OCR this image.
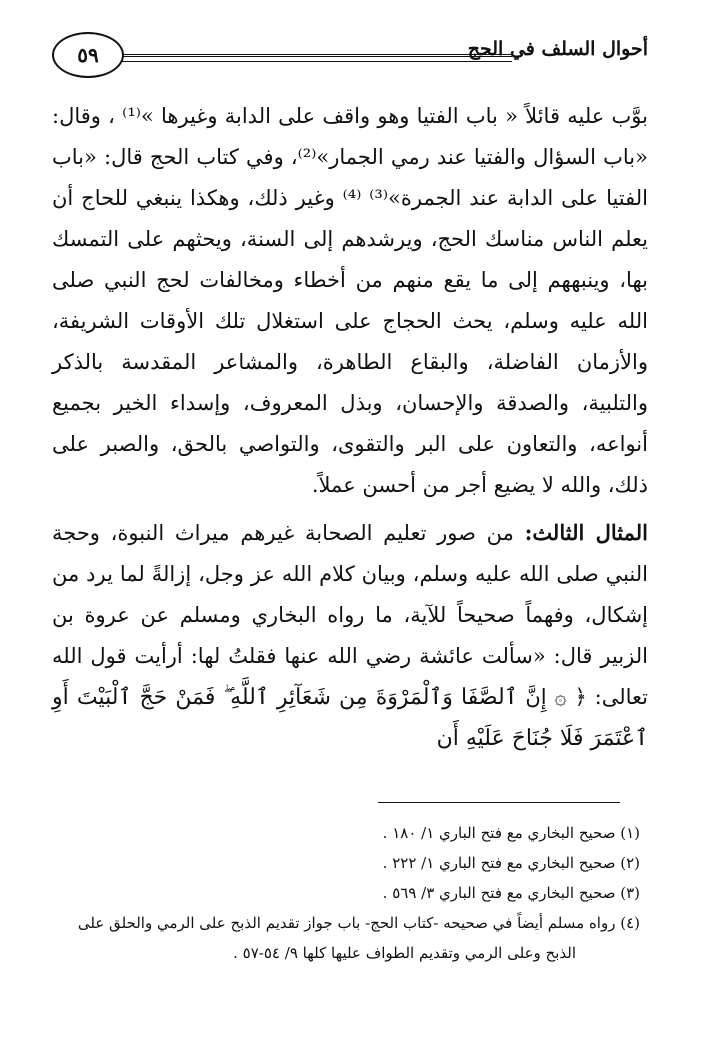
٥٩	أحوال السلف في الحج

بوَّب عليه قائلاً « باب الفتيا وهو واقف على الدابة وغيرها »⁽¹⁾ ، وقال: «باب السؤال والفتيا عند رمي الجمار»⁽²⁾، وفي كتاب الحج قال: «باب الفتيا على الدابة عند الجمرة»⁽³⁾ ⁽⁴⁾ وغير ذلك، وهكذا ينبغي للحاج أن يعلم الناس مناسك الحج، ويرشدهم إلى السنة، ويحثهم على التمسك بها، وينبههم إلى ما يقع منهم من أخطاء ومخالفات لحج النبي صلى الله عليه وسلم، يحث الحجاج على استغلال تلك الأوقات الشريفة، والأزمان الفاضلة، والبقاع الطاهرة، والمشاعر المقدسة بالذكر والتلبية، والصدقة والإحسان، وبذل المعروف، وإسداء الخير بجميع أنواعه، والتعاون على البر والتقوى، والتواصي بالحق، والصبر على ذلك، والله لا يضيع أجر من أحسن عملاً.

المثال الثالث: من صور تعليم الصحابة غيرهم ميراث النبوة، وحجة النبي صلى الله عليه وسلم، وبيان كلام الله عز وجل، إزالةً لما يرد من إشكال، وفهماً صحيحاً للآية، ما رواه البخاري ومسلم عن عروة بن الزبير قال: «سألت عائشة رضي الله عنها فقلتُ لها: أرأيت قول الله تعالى: ﴿ ۞ إِنَّ ٱلصَّفَا وَٱلْمَرْوَةَ مِن شَعَآئِرِ ٱللَّهِ ۖ فَمَنْ حَجَّ ٱلْبَيْتَ أَوِ ٱعْتَمَرَ فَلَا جُنَاحَ عَلَيْهِ أَن

(١) صحيح البخاري مع فتح الباري ١/ ١٨٠ .

(٢) صحيح البخاري مع فتح الباري ١/ ٢٢٢ .

(٣) صحيح البخاري مع فتح الباري ٣/ ٥٦٩ .

(٤) رواه مسلم أيضاً في صحيحه -كتاب الحج- باب جواز تقديم الذبح على الرمي والحلق على

الذبح وعلى الرمي وتقديم الطواف عليها كلها ٩/ ٥٤-٥٧ .
